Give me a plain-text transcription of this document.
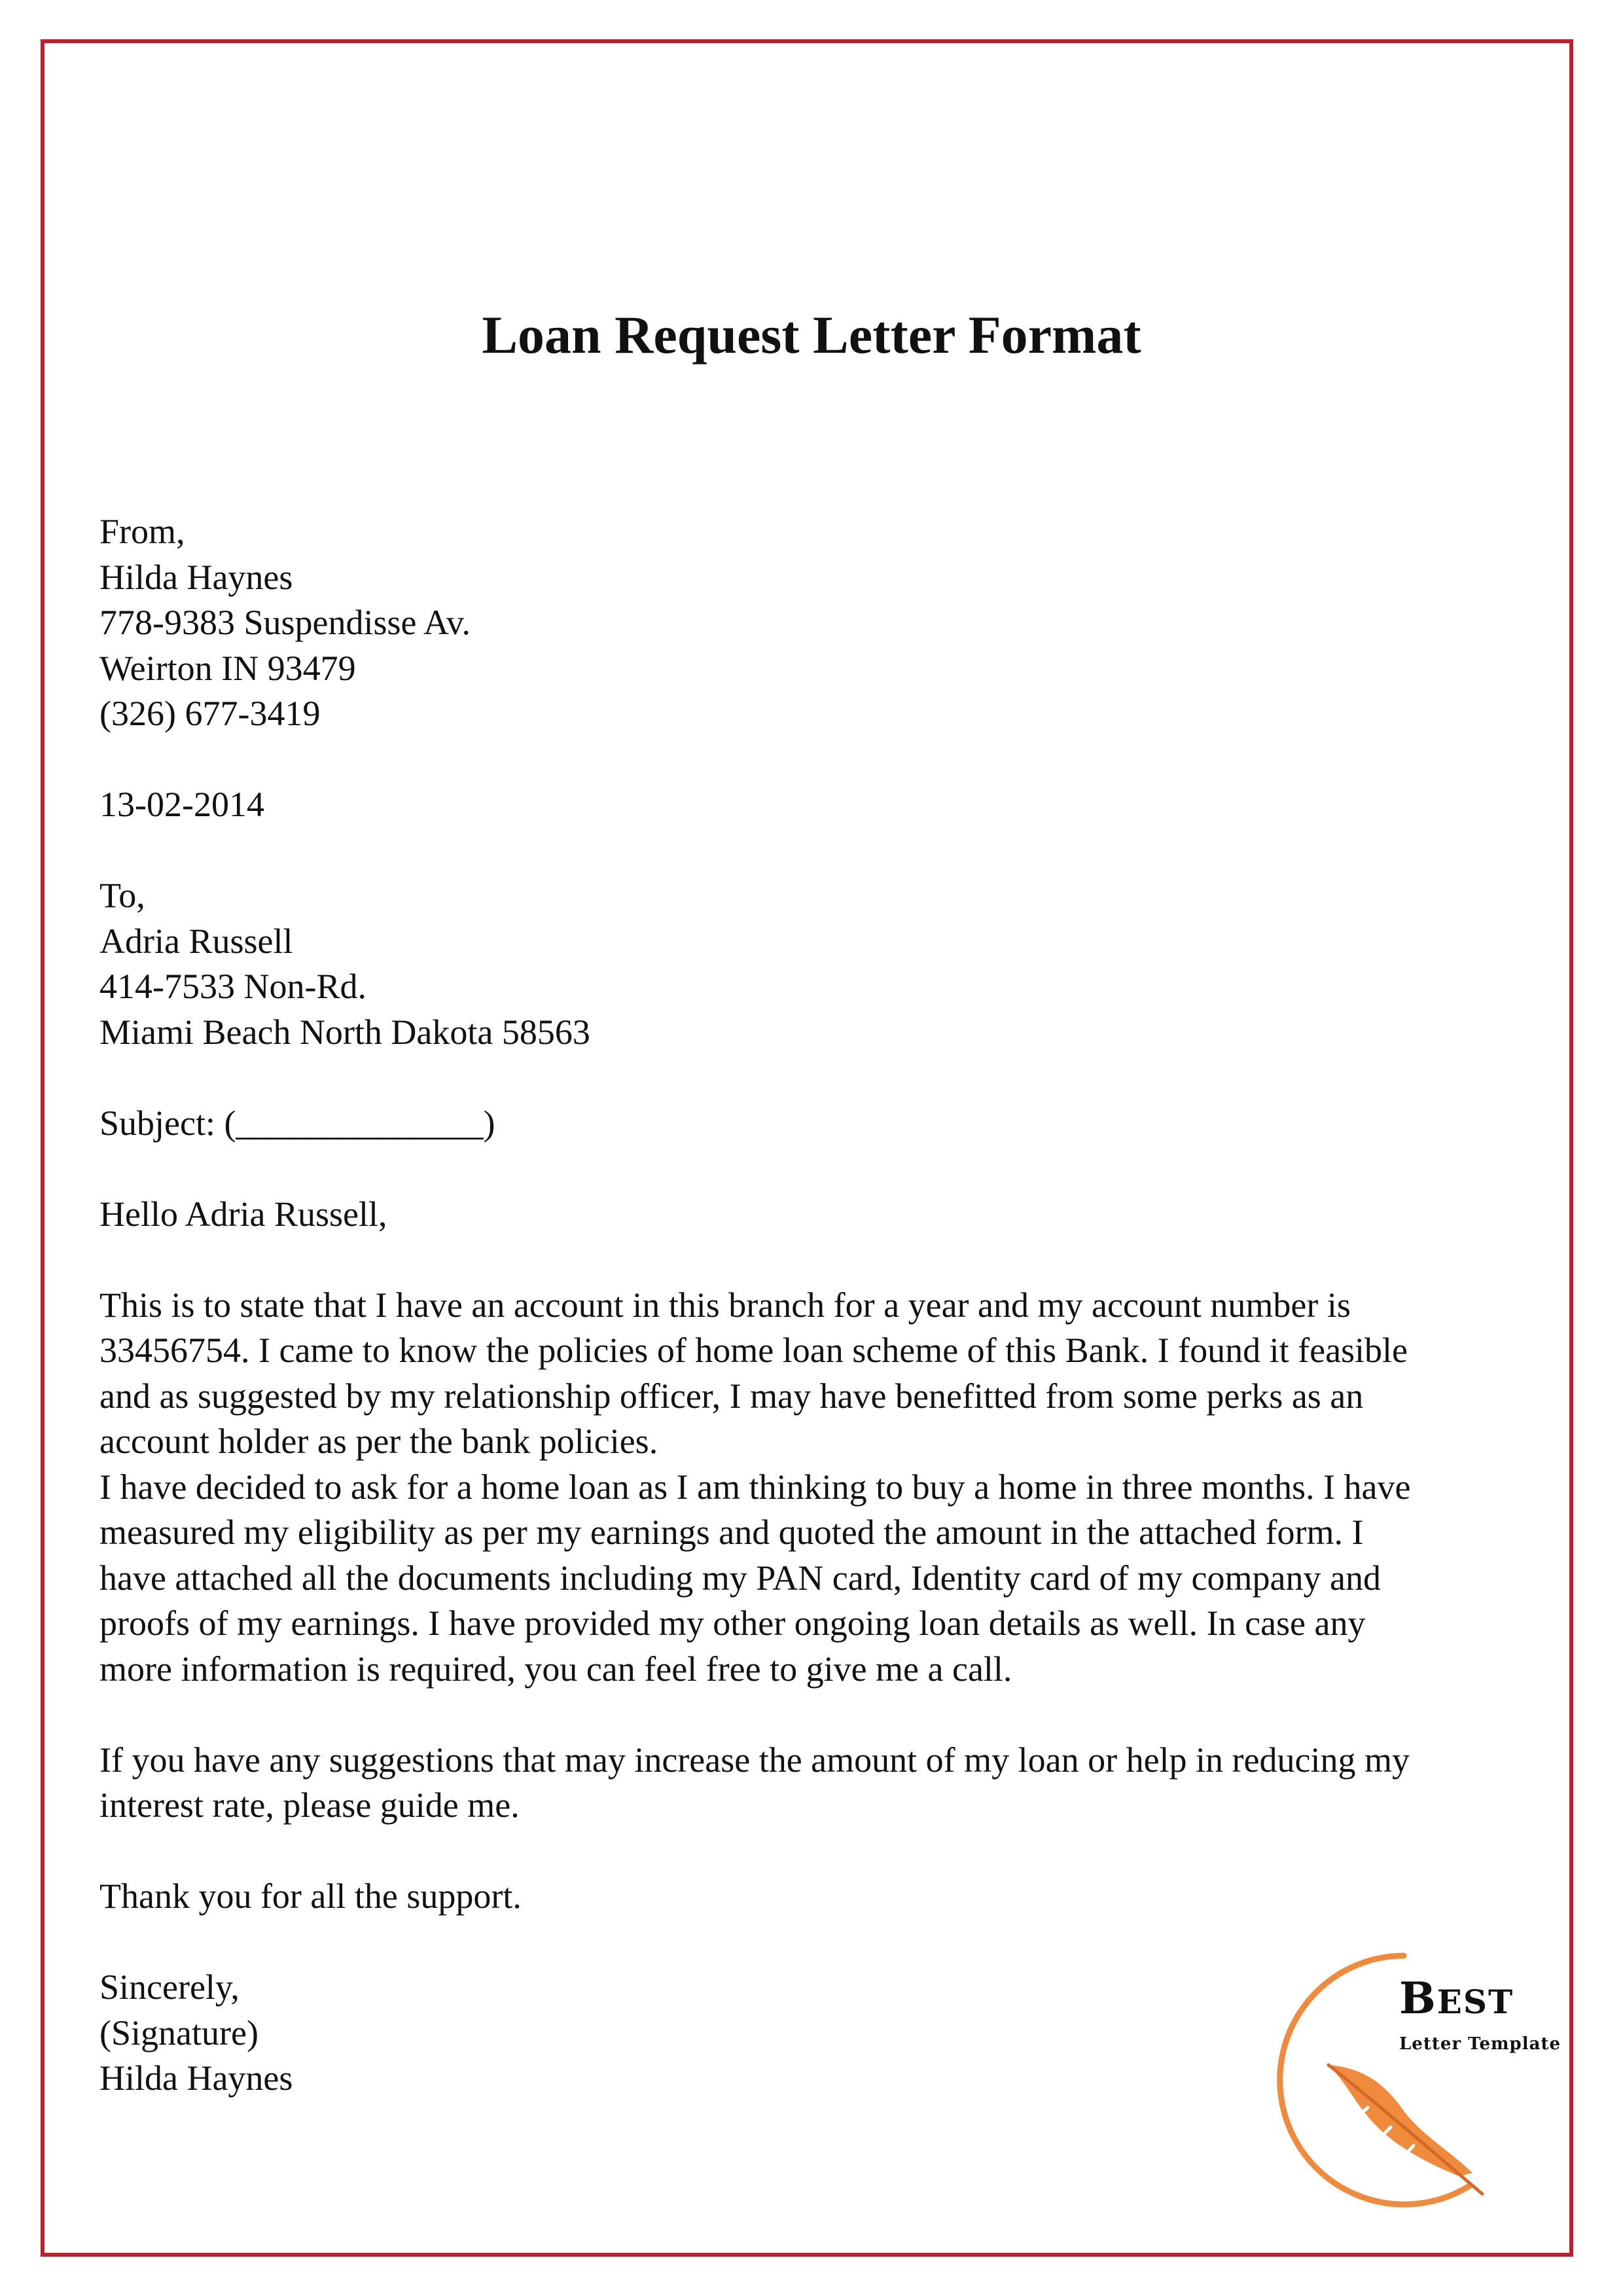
Loan Request Letter Format
From,
Hilda Haynes
778-9383 Suspendisse Av.
Weirton IN 93479
(326) 677-3419
13-02-2014
To,
Adria Russell
414-7533 Non-Rd.
Miami Beach North Dakota 58563
Subject: (______________)
Hello Adria Russell,
This is to state that I have an account in this branch for a year and my account number is
33456754. I came to know the policies of home loan scheme of this Bank. I found it feasible
and as suggested by my relationship officer, I may have benefitted from some perks as an
account holder as per the bank policies.
I have decided to ask for a home loan as I am thinking to buy a home in three months. I have
measured my eligibility as per my earnings and quoted the amount in the attached form. I
have attached all the documents including my PAN card, Identity card of my company and
proofs of my earnings. I have provided my other ongoing loan details as well. In case any
more information is required, you can feel free to give me a call.
If you have any suggestions that may increase the amount of my loan or help in reducing my
interest rate, please guide me.
Thank you for all the support.
Sincerely,
(Signature)
Hilda Haynes
BEST
Letter Template
